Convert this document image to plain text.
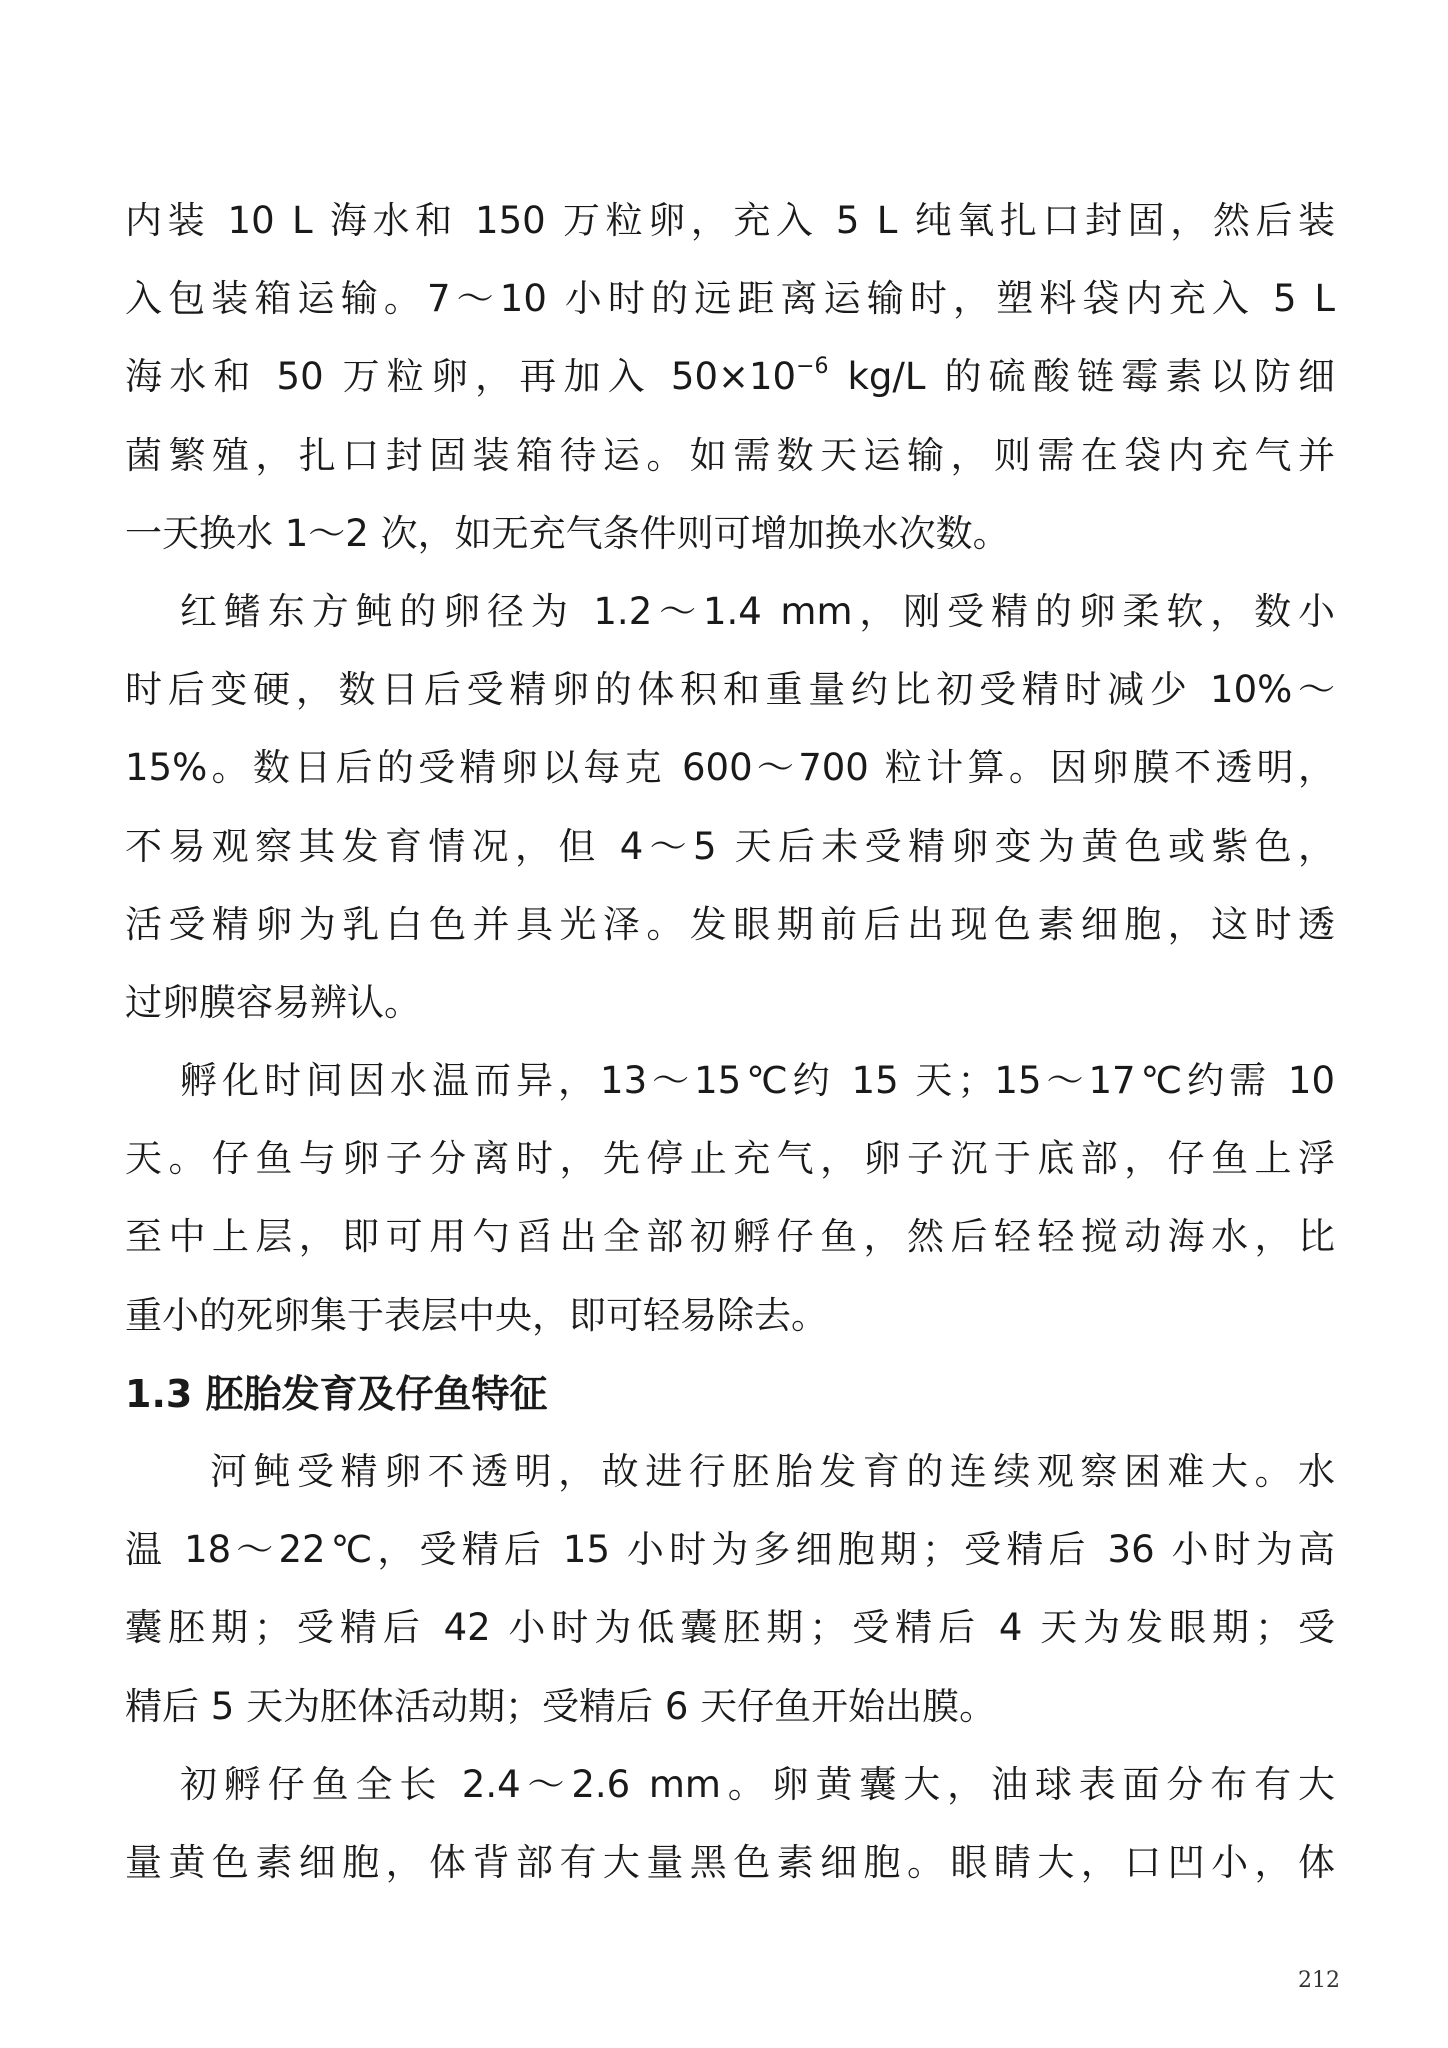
内装 10 L 海水和 150 万粒卵，充入 5 L 纯氧扎口封固，然后装
入包装箱运输。7～10 小时的远距离运输时，塑料袋内充入 5 L
海水和 50 万粒卵，再加入 $50\times 10^{-6}$ kg/L 的硫酸链霉素以防细
菌繁殖，扎口封固装箱待运。如需数天运输，则需在袋内充气并
一天换水 1～2 次，如无充气条件则可增加换水次数。
红鳍东方鲀的卵径为 1.2～1.4 mm，刚受精的卵柔软，数小
时后变硬，数日后受精卵的体积和重量约比初受精时减少 10%～
15%。数日后的受精卵以每克 600～700 粒计算。因卵膜不透明，
不易观察其发育情况，但 4～5 天后未受精卵变为黄色或紫色，
活受精卵为乳白色并具光泽。发眼期前后出现色素细胞，这时透
过卵膜容易辨认。
孵化时间因水温而异，13～15℃约 15 天；15～17℃约需 10
天。仔鱼与卵子分离时，先停止充气，卵子沉于底部，仔鱼上浮
至中上层，即可用勺舀出全部初孵仔鱼，然后轻轻搅动海水，比
重小的死卵集于表层中央，即可轻易除去。
1.3 胚胎发育及仔鱼特征
河鲀受精卵不透明，故进行胚胎发育的连续观察困难大。水
温 18～22℃，受精后 15 小时为多细胞期；受精后 36 小时为高
囊胚期；受精后 42 小时为低囊胚期；受精后 4 天为发眼期；受
精后 5 天为胚体活动期；受精后 6 天仔鱼开始出膜。
初孵仔鱼全长 2.4～2.6 mm。卵黄囊大，油球表面分布有大
量黄色素细胞，体背部有大量黑色素细胞。眼睛大，口凹小，体
212
